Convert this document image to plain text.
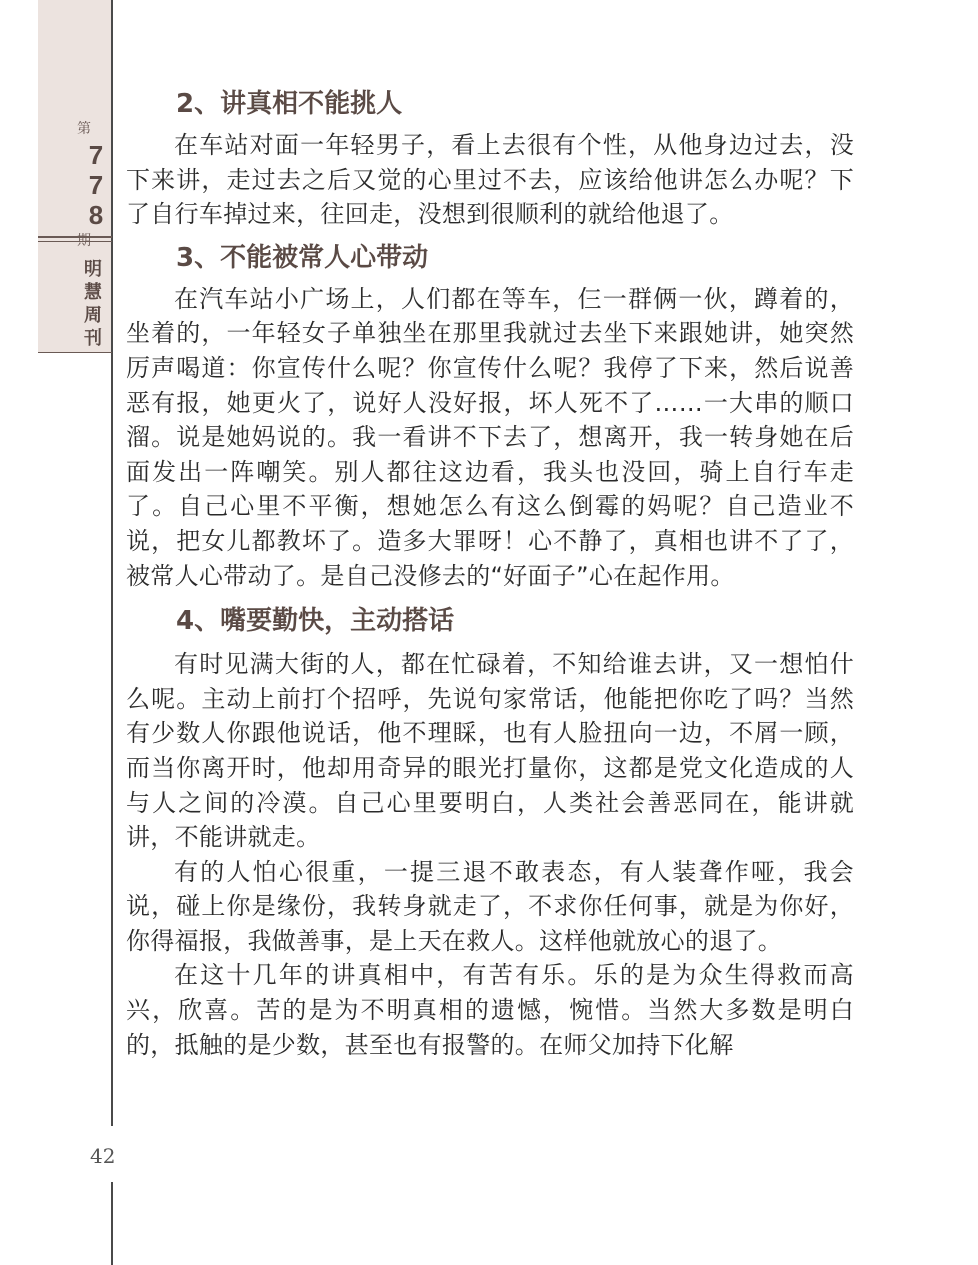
第
778
期
明
慧
周
刊
42
2、讲真相不能挑人

在车站对面一年轻男子，看上去很有个性，从他身边过去，没下来讲，走过去之后又觉的心里过不去，应该给他讲怎么办呢？下了自行车掉过来，往回走，没想到很顺利的就给他退了。

3、不能被常人心带动

在汽车站小广场上，人们都在等车，仨一群俩一伙，蹲着的，坐着的，一年轻女子单独坐在那里我就过去坐下来跟她讲，她突然厉声喝道：你宣传什么呢？你宣传什么呢？我停了下来，然后说善恶有报，她更火了，说好人没好报，坏人死不了……一大串的顺口溜。说是她妈说的。我一看讲不下去了，想离开，我一转身她在后面发出一阵嘲笑。别人都往这边看，我头也没回，骑上自行车走了。自己心里不平衡，想她怎么有这么倒霉的妈呢？自己造业不说，把女儿都教坏了。造多大罪呀！心不静了，真相也讲不了了，被常人心带动了。是自己没修去的“好面子”心在起作用。

4、嘴要勤快，主动搭话

有时见满大街的人，都在忙碌着，不知给谁去讲，又一想怕什么呢。主动上前打个招呼，先说句家常话，他能把你吃了吗？当然有少数人你跟他说话，他不理睬，也有人脸扭向一边，不屑一顾，而当你离开时，他却用奇异的眼光打量你，这都是党文化造成的人与人之间的冷漠。自己心里要明白，人类社会善恶同在，能讲就讲，不能讲就走。

有的人怕心很重，一提三退不敢表态，有人装聋作哑，我会说，碰上你是缘份，我转身就走了，不求你任何事，就是为你好，你得福报，我做善事，是上天在救人。这样他就放心的退了。

在这十几年的讲真相中，有苦有乐。乐的是为众生得救而高兴，欣喜。苦的是为不明真相的遗憾，惋惜。当然大多数是明白的，抵触的是少数，甚至也有报警的。在师父加持下化解
